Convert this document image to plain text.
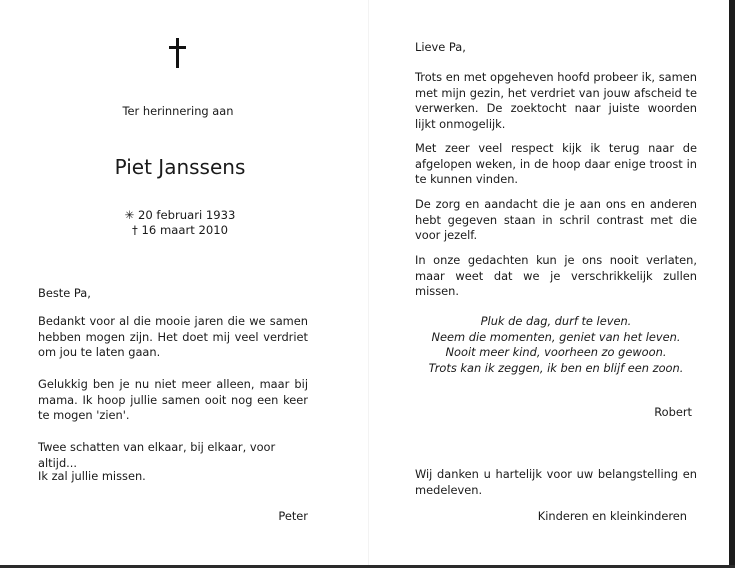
Ter herinnering aan

Piet Janssens
✳ 20 februari 1933
† 16 maart 2010

Beste Pa,

Bedankt voor al die mooie jaren die we samen hebben mogen zijn. Het doet mij veel verdriet om jou te laten gaan.

Gelukkig ben je nu niet meer alleen, maar bij mama. Ik hoop jullie samen ooit nog een keer te mogen 'zien'.

Twee schatten van elkaar, bij elkaar, voor altijd...

Ik zal jullie missen.

Peter

Lieve Pa,

Trots en met opgeheven hoofd probeer ik, samen met mijn gezin, het verdriet van jouw afscheid te verwerken. De zoektocht naar juiste woorden lijkt onmogelijk.

Met zeer veel respect kijk ik terug naar de afgelopen weken, in de hoop daar enige troost in te kunnen vinden.

De zorg en aandacht die je aan ons en anderen hebt gegeven staan in schril contrast met die voor jezelf.

In onze gedachten kun je ons nooit verlaten, maar weet dat we je verschrikkelijk zullen missen.

Pluk de dag, durf te leven.
Neem die momenten, geniet van het leven.
Nooit meer kind, voorheen zo gewoon.
Trots kan ik zeggen, ik ben en blijf een zoon.

Robert

Wij danken u hartelijk voor uw belangstelling en medeleven.

Kinderen en kleinkinderen
